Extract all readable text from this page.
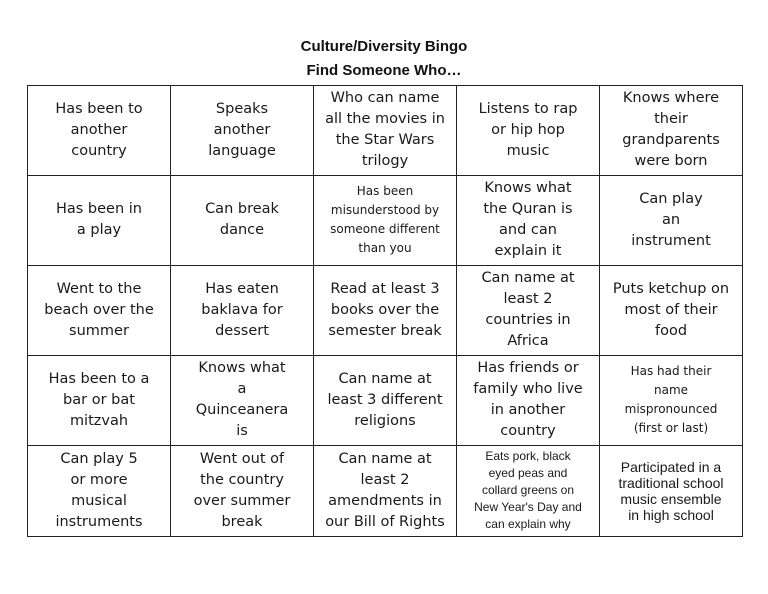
Culture/Diversity Bingo
Find Someone Who…
Has been to
another
country	Speaks
another
language	Who can name
all the movies in
the Star Wars
trilogy	Listens to rap
or hip hop
music	Knows where
their
grandparents
were born

Has been in
a play	Can break
dance	Has been
misunderstood by
someone different
than you	Knows what
the Quran is
and can
explain it	Can play
an
instrument

Went to the
beach over the
summer	Has eaten
baklava for
dessert	Read at least 3
books over the
semester break	Can name at
least 2
countries in
Africa	Puts ketchup on
most of their
food

Has been to a
bar or bat
mitzvah	Knows what
a
Quinceanera
is	Can name at
least 3 different
religions	Has friends or
family who live
in another
country	Has had their
name
mispronounced
(first or last)

Can play 5
or more
musical
instruments	Went out of
the country
over summer
break	Can name at
least 2
amendments in
our Bill of Rights	Eats pork, black
eyed peas and
collard greens on
New Year's Day and
can explain why	Participated in a
traditional school
music ensemble
in high school
